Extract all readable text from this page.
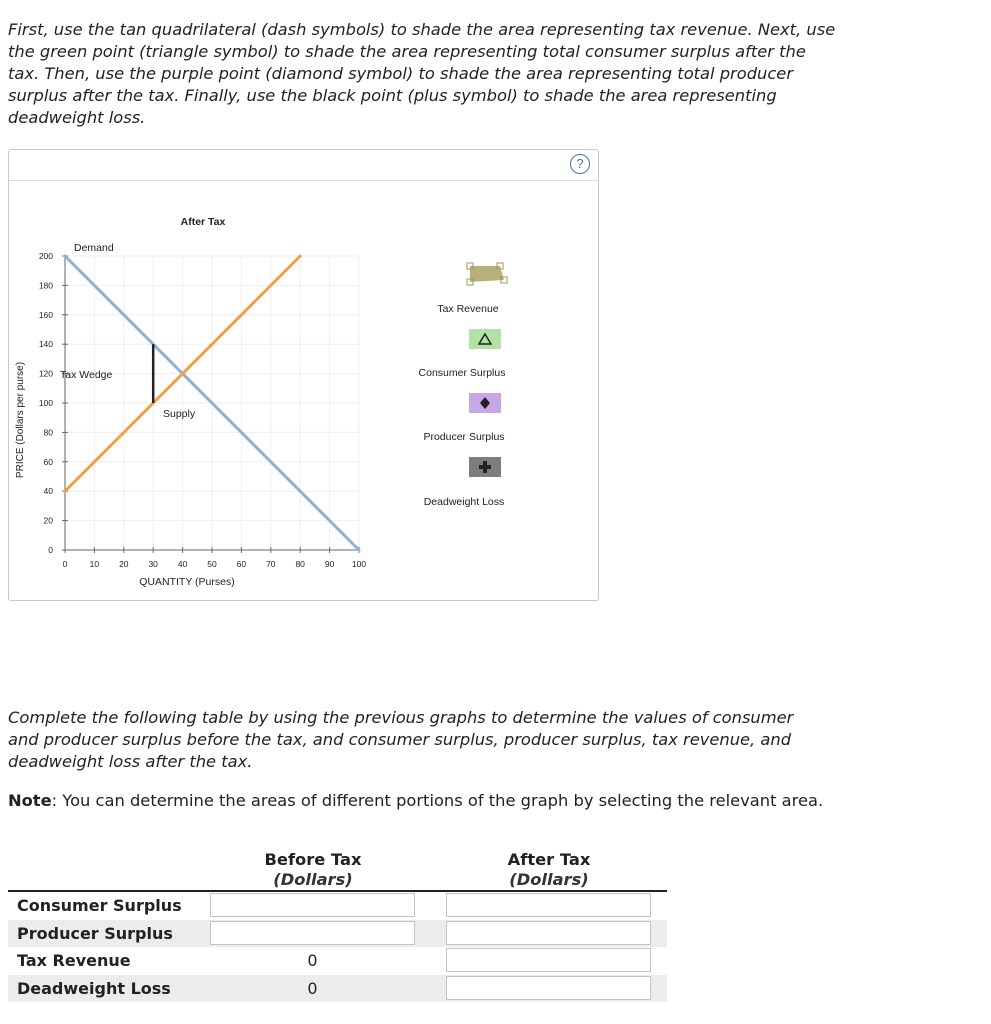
First, use the tan quadrilateral (dash symbols) to shade the area representing tax revenue. Next, use the green point (triangle symbol) to shade the area representing total consumer surplus after the tax. Then, use the purple point (diamond symbol) to shade the area representing total producer surplus after the tax. Finally, use the black point (plus symbol) to shade the area representing deadweight loss.

?
0	10 20 30 40 50 60 70 80 90 100
0
20
40
60
80
100
120
140
160
180
200
After Tax
Demand
Supply
Tax Wedge
QUANTITY (Purses)
PRICE (Dollars per purse)
Tax Revenue
Consumer Surplus
Producer Surplus
Deadweight Loss

Complete the following table by using the previous graphs to determine the values of consumer and producer surplus before the tax, and consumer surplus, producer surplus, tax revenue, and deadweight loss after the tax.

Note: You can determine the areas of different portions of the graph by selecting the relevant area.

Before Tax
(Dollars)
After Tax
(Dollars)
Consumer Surplus
Producer Surplus
Tax Revenue	0
Deadweight Loss	0
